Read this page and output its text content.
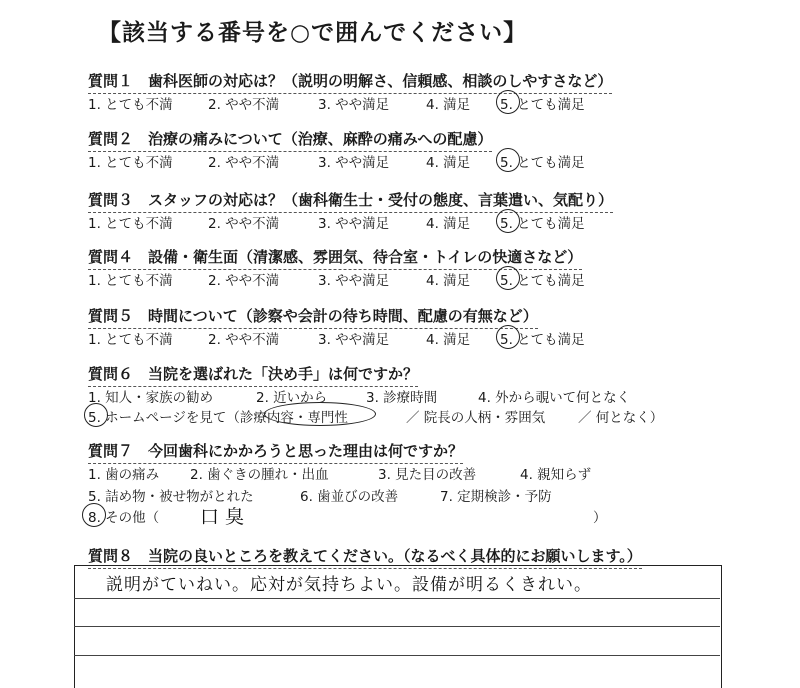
【該当する番号を○で囲んでください】
質問１　歯科医師の対応は？（説明の明解さ、信頼感、相談のしやすさなど）
1. とても不満	2. やや不満	3. やや満足	4. 満足 5. とても満足
質問２　治療の痛みについて（治療、麻酔の痛みへの配慮）
1. とても不満	2. やや不満	3. やや満足	4. 満足 5. とても満足
質問３　スタッフの対応は？（歯科衛生士・受付の態度、言葉遣い、気配り）
1. とても不満	2. やや不満	3. やや満足	4. 満足 5. とても満足
質問４　設備・衛生面（清潔感、雰囲気、待合室・トイレの快適さなど）
1. とても不満	2. やや不満	3. やや満足	4. 満足 5. とても満足
質問５　時間について（診察や会計の待ち時間、配慮の有無など）
1. とても不満	2. やや不満	3. やや満足	4. 満足 5. とても満足
質問６　当院を選ばれた「決め手」は何ですか？
1. 知人・家族の勧め	2. 近いから	3. 診療時間	4. 外から覗いて何となく
5. ホームページを見て（診療内容・専門性	／ 院長の人柄・雰囲気 ／ 何となく）
質問７　今回歯科にかかろうと思った理由は何ですか？
1. 歯の痛み 2. 歯ぐきの腫れ・出血	3. 見た目の改善	4. 親知らず
5. 詰め物・被せ物がとれた	6. 歯並びの改善	7. 定期検診・予防
8. その他（ 口臭	）
質問８　当院の良いところを教えてください。（なるべく具体的にお願いします。）
説明がていねい。応対が気持ちよい。設備が明るくきれい。
